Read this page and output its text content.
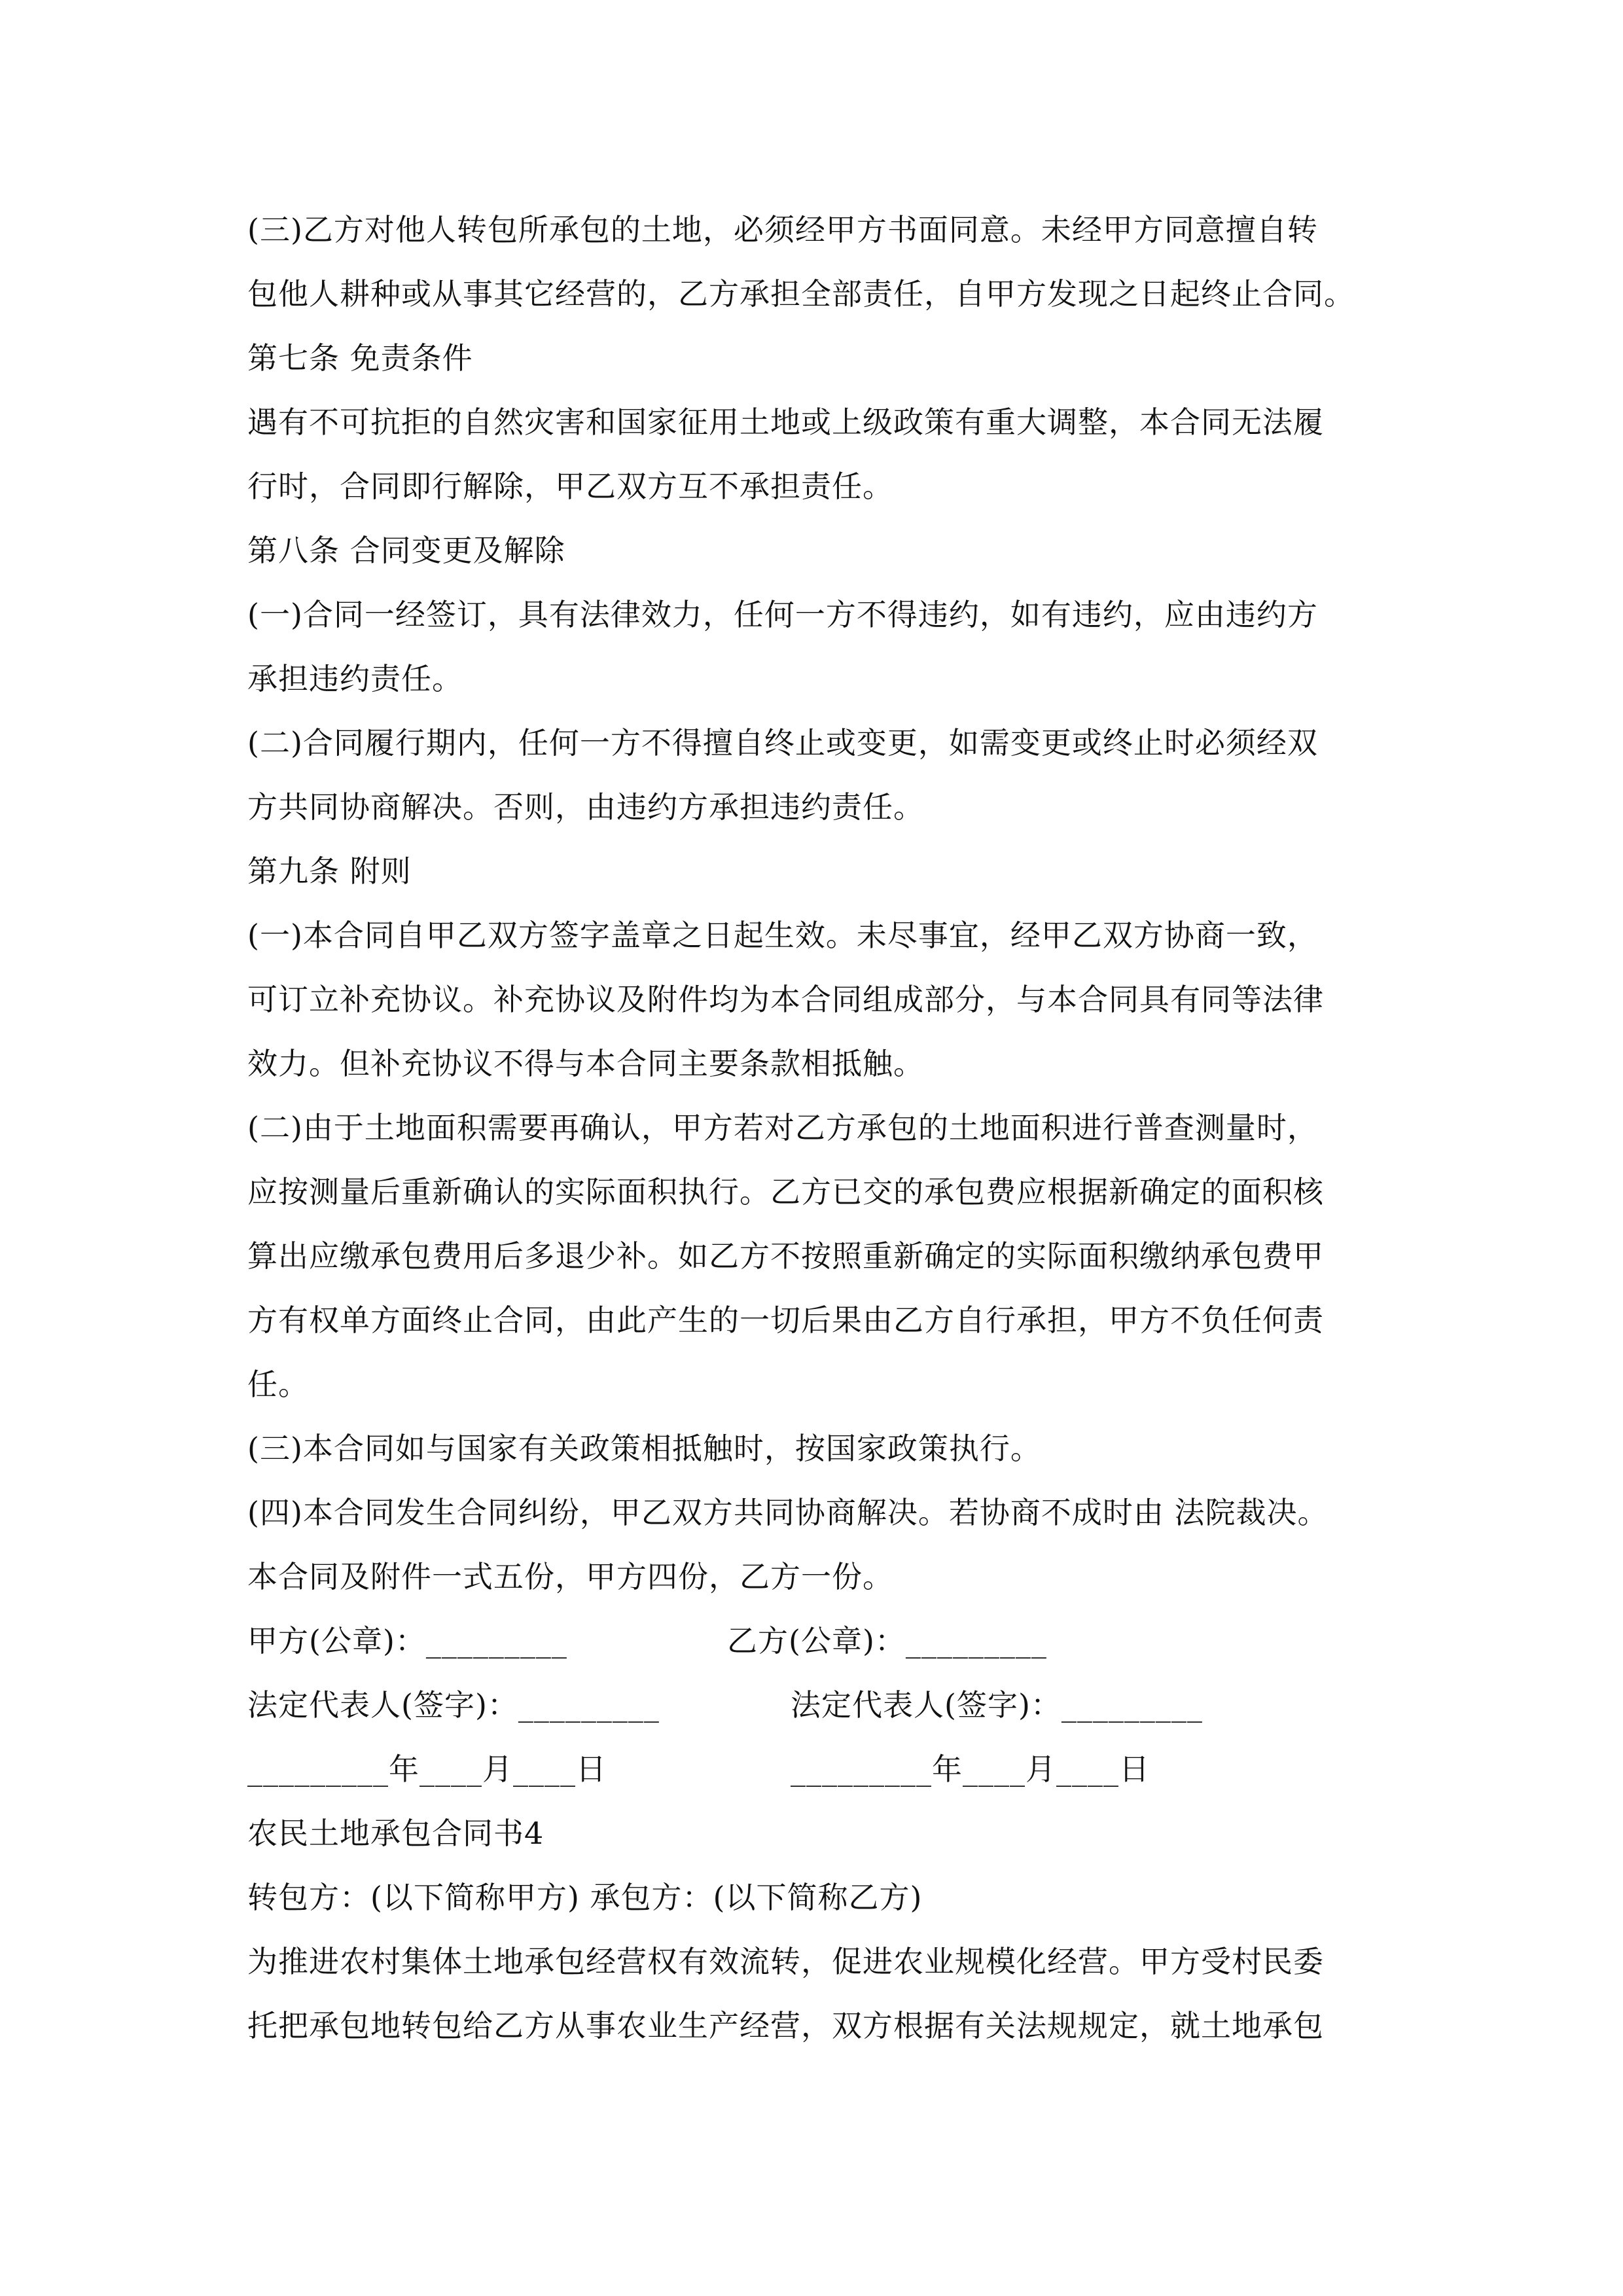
(三)乙方对他人转包所承包的土地，必须经甲方书面同意。未经甲方同意擅自转
包他人耕种或从事其它经营的，乙方承担全部责任，自甲方发现之日起终止合同。
第七条 免责条件
遇有不可抗拒的自然灾害和国家征用土地或上级政策有重大调整，本合同无法履
行时，合同即行解除，甲乙双方互不承担责任。
第八条 合同变更及解除
(一)合同一经签订，具有法律效力，任何一方不得违约，如有违约，应由违约方
承担违约责任。
(二)合同履行期内，任何一方不得擅自终止或变更，如需变更或终止时必须经双
方共同协商解决。否则，由违约方承担违约责任。
第九条 附则
(一)本合同自甲乙双方签字盖章之日起生效。未尽事宜，经甲乙双方协商一致，
可订立补充协议。补充协议及附件均为本合同组成部分，与本合同具有同等法律
效力。但补充协议不得与本合同主要条款相抵触。
(二)由于土地面积需要再确认，甲方若对乙方承包的土地面积进行普查测量时，
应按测量后重新确认的实际面积执行。乙方已交的承包费应根据新确定的面积核
算出应缴承包费用后多退少补。如乙方不按照重新确定的实际面积缴纳承包费甲
方有权单方面终止合同，由此产生的一切后果由乙方自行承担，甲方不负任何责
任。
(三)本合同如与国家有关政策相抵触时，按国家政策执行。
(四)本合同发生合同纠纷，甲乙双方共同协商解决。若协商不成时由 法院裁决。
本合同及附件一式五份，甲方四份，乙方一份。
甲方(公章)：_________	乙方(公章)：_________
法定代表人(签字)：_________	法定代表人(签字)：_________
_________年____月____日	_________年____月____日
农民土地承包合同书4
转包方：(以下简称甲方) 承包方：(以下简称乙方)
为推进农村集体土地承包经营权有效流转，促进农业规模化经营。甲方受村民委
托把承包地转包给乙方从事农业生产经营，双方根据有关法规规定，就土地承包
